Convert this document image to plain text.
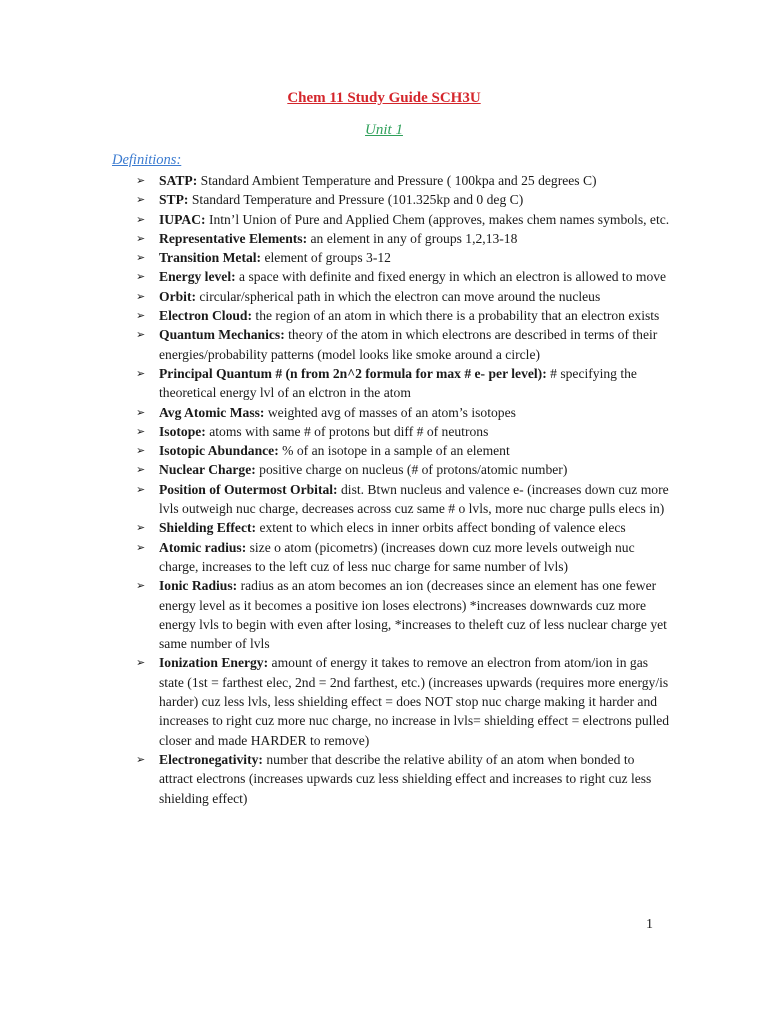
Chem 11 Study Guide SCH3U
Unit 1
Definitions:
➢ SATP: Standard Ambient Temperature and Pressure ( 100kpa and 25 degrees C)
➢ STP: Standard Temperature and Pressure (101.325kp and 0 deg C)
➢ IUPAC: Intn’l Union of Pure and Applied Chem (approves, makes chem names symbols, etc.
➢ Representative Elements: an element in any of groups 1,2,13-18
➢ Transition Metal: element of groups 3-12
➢ Energy level: a space with definite and fixed energy in which an electron is allowed to move
➢ Orbit: circular/spherical path in which the electron can move around the nucleus
➢ Electron Cloud: the region of an atom in which there is a probability that an electron exists
➢ Quantum Mechanics: theory of the atom in which electrons are described in terms of their energies/probability patterns (model looks like smoke around a circle)
➢ Principal Quantum # (n from 2n^2 formula for max # e- per level): # specifying the theoretical energy lvl of an elctron in the atom
➢ Avg Atomic Mass: weighted avg of masses of an atom’s isotopes
➢ Isotope: atoms with same # of protons but diff # of neutrons
➢ Isotopic Abundance: % of an isotope in a sample of an element
➢ Nuclear Charge: positive charge on nucleus (# of protons/atomic number)
➢ Position of Outermost Orbital: dist. Btwn nucleus and valence e- (increases down cuz more lvls outweigh nuc charge, decreases across cuz same # o lvls, more nuc charge pulls elecs in)
➢ Shielding Effect: extent to which elecs in inner orbits affect bonding of valence elecs
➢ Atomic radius: size o atom (picometrs) (increases down cuz more levels outweigh nuc charge, increases to the left cuz of less nuc charge for same number of lvls)
➢ Ionic Radius: radius as an atom becomes an ion (decreases since an element has one fewer energy level as it becomes a positive ion loses electrons) *increases downwards cuz more energy lvls to begin with even after losing, *increases to theleft cuz of less nuclear charge yet same number of lvls
➢ Ionization Energy: amount of energy it takes to remove an electron from atom/ion in gas state (1st = farthest elec, 2nd = 2nd farthest, etc.) (increases upwards (requires more energy/is harder) cuz less lvls, less shielding effect = does NOT stop nuc charge making it harder and increases to right cuz more nuc charge, no increase in lvls= shielding effect = electrons pulled closer and made HARDER to remove)
➢ Electronegativity: number that describe the relative ability of an atom when bonded to attract electrons (increases upwards cuz less shielding effect and increases to right cuz less shielding effect)
1
